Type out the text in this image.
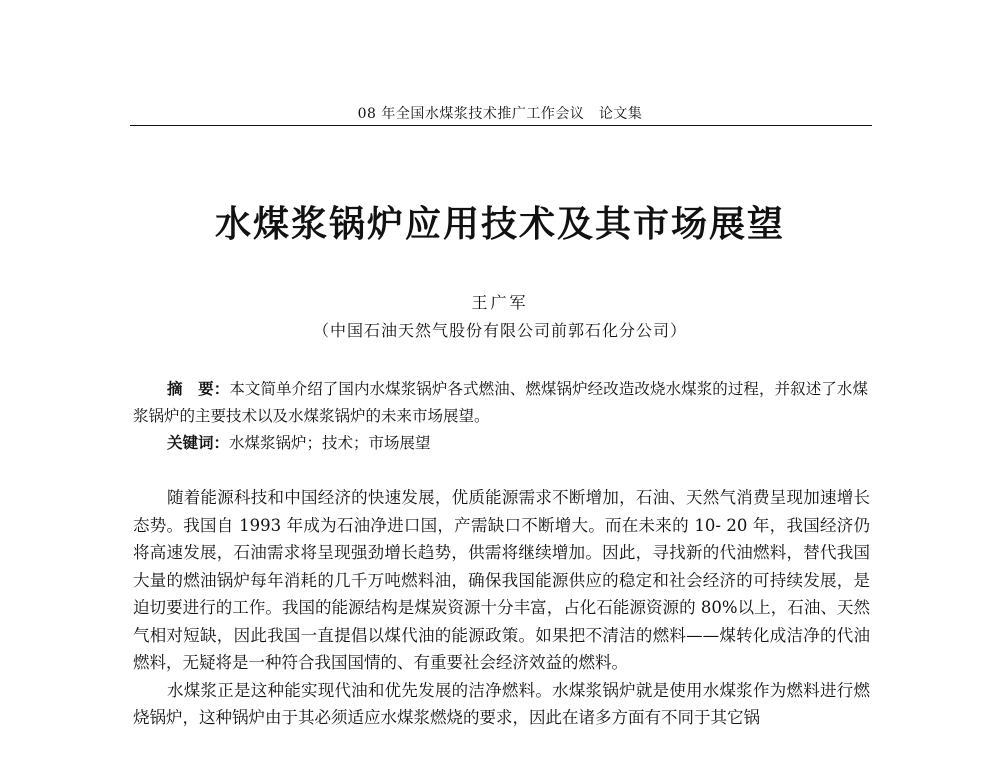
08 年全国水煤浆技术推广工作会议　论文集
水煤浆锅炉应用技术及其市场展望
王广军
（中国石油天然气股份有限公司前郭石化分公司）
摘　要：本文简单介绍了国内水煤浆锅炉各式燃油、燃煤锅炉经改造改烧水煤浆的过程，并叙述了水煤浆锅炉的主要技术以及水煤浆锅炉的未来市场展望。
关键词：水煤浆锅炉；技术；市场展望

随着能源科技和中国经济的快速发展，优质能源需求不断增加，石油、天然气消费呈现加速增长态势。我国自 1993 年成为石油净进口国，产需缺口不断增大。而在未来的 10- 20 年，我国经济仍将高速发展，石油需求将呈现强劲增长趋势，供需将继续增加。因此，寻找新的代油燃料，替代我国大量的燃油锅炉每年消耗的几千万吨燃料油，确保我国能源供应的稳定和社会经济的可持续发展，是迫切要进行的工作。我国的能源结构是煤炭资源十分丰富，占化石能源资源的 80%以上，石油、天然气相对短缺，因此我国一直提倡以煤代油的能源政策。如果把不清洁的燃料——煤转化成洁净的代油燃料，无疑将是一种符合我国国情的、有重要社会经济效益的燃料。

水煤浆正是这种能实现代油和优先发展的洁净燃料。水煤浆锅炉就是使用水煤浆作为燃料进行燃烧锅炉，这种锅炉由于其必须适应水煤浆燃烧的要求，因此在诸多方面有不同于其它锅
